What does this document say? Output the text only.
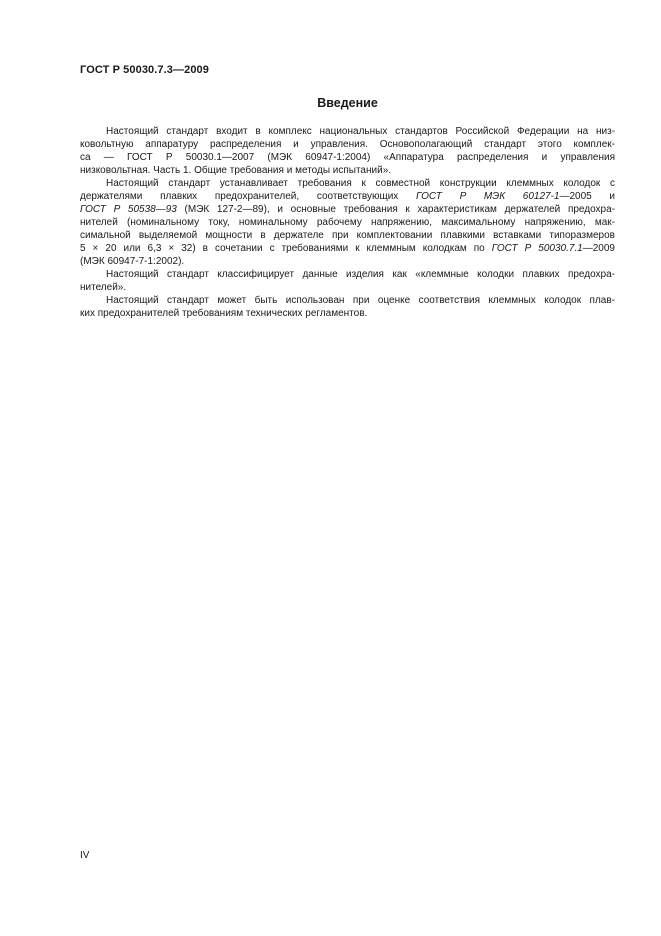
ГОСТ Р 50030.7.3—2009
Введение
Настоящий стандарт входит в комплекс национальных стандартов Российской Федерации на низ-
ковольтную аппаратуру распределения и управления. Основополагающий стандарт этого комплек-
са — ГОСТ Р 50030.1—2007 (МЭК 60947-1:2004) «Аппаратура распределения и управления
низковольтная. Часть 1. Общие требования и методы испытаний».
Настоящий стандарт устанавливает требования к совместной конструкции клеммных колодок с
держателями плавких предохранителей, соответствующих ГОСТ Р МЭК 60127-1—2005 и
ГОСТ Р 50538—93 (МЭК 127-2—89), и основные требования к характеристикам держателей предохра-
нителей (номинальному току, номинальному рабочему напряжению, максимальному напряжению, мак-
симальной выделяемой мощности в держателе при комплектовании плавкими вставками типоразмеров
5 × 20 или 6,3 × 32) в сочетании с требованиями к клеммным колодкам по ГОСТ Р 50030.7.1—2009
(МЭК 60947-7-1:2002).
Настоящий стандарт классифицирует данные изделия как «клеммные колодки плавких предохра-
нителей».
Настоящий стандарт может быть использован при оценке соответствия клеммных колодок плав-
ких предохранителей требованиям технических регламентов.
IV
